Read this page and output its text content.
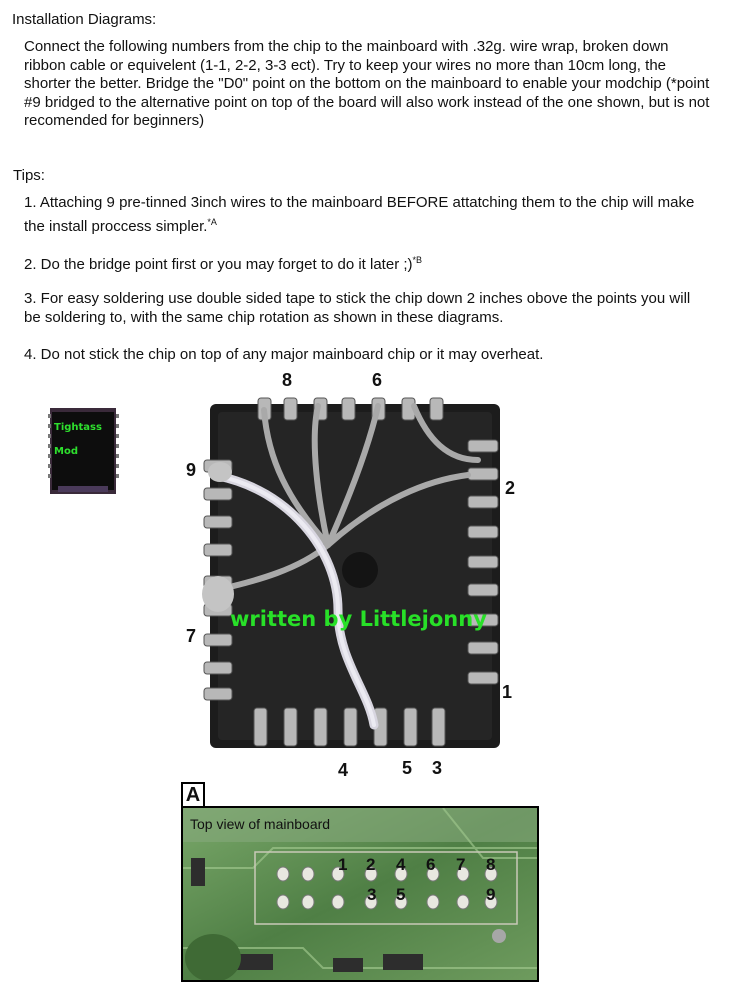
Installation Diagrams:
Connect the following numbers from the chip to the mainboard with .32g. wire wrap, broken down ribbon cable or equivelent (1-1, 2-2, 3-3 ect). Try to keep your wires no more than 10cm long, the shorter the better. Bridge the "D0" point on the bottom on the mainboard to enable your modchip (*point #9 bridged to the alternative point on top of the board will also work instead of the one shown, but is not recomended for beginners)
Tips:
1. Attaching 9 pre-tinned 3inch wires to the mainboard BEFORE attatching them to the chip will make the install proccess simpler.$^{*A}$
2. Do the bridge point first or you may forget to do it later ;)$^{*B}$
3. For easy soldering use double sided tape to stick the chip down 2 inches obove the points you will be soldering to, with the same chip rotation as shown in these diagrams.
4. Do not stick the chip on top of any major mainboard chip or it may overheat.
Tightass
Mod
8	6
9
2
7
1
4	5 3
written by Littlejonny
A
Top view of mainboard
1 2 4 6 7 8
3 5	9
